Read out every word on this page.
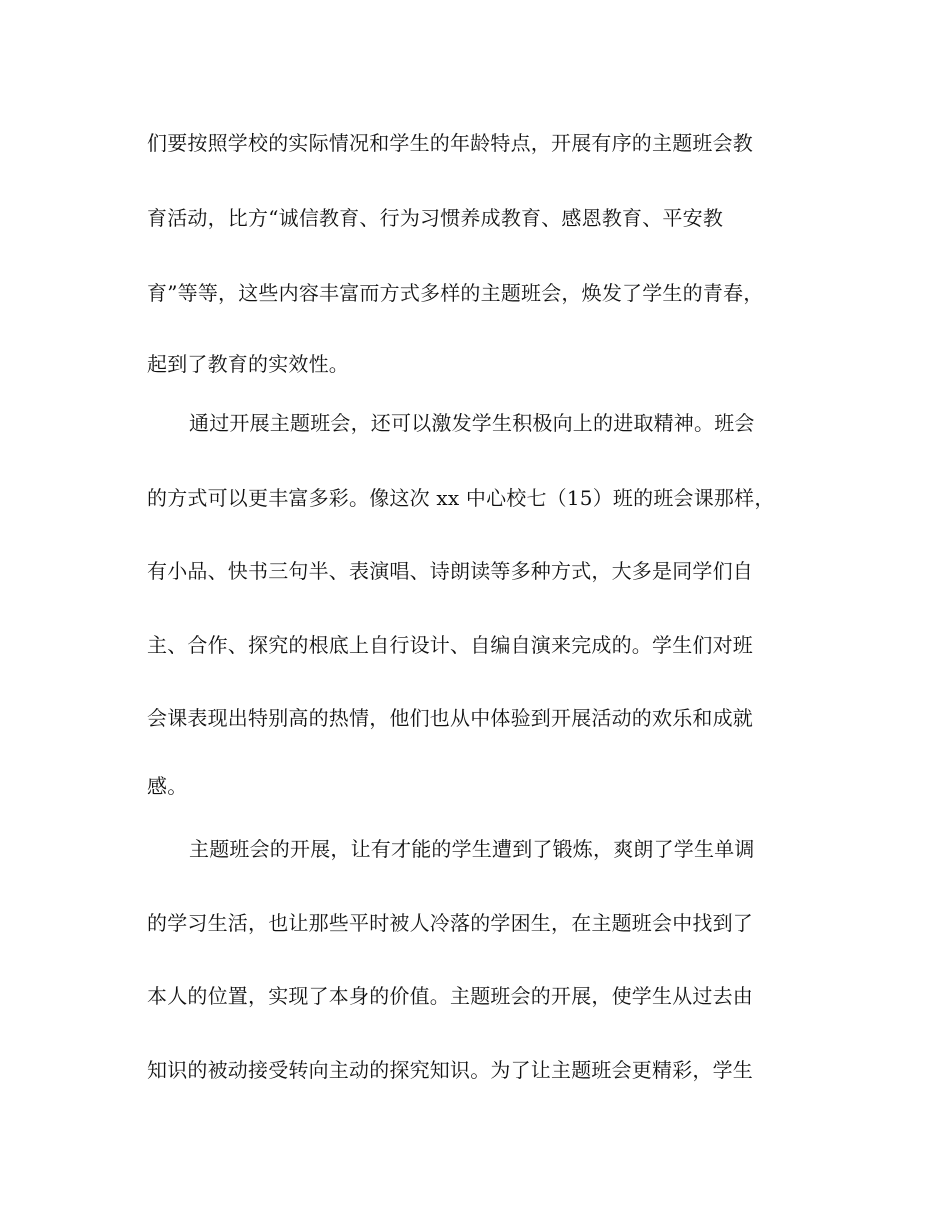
们要按照学校的实际情况和学生的年龄特点，开展有序的主题班会教
育活动，比方“诚信教育、行为习惯养成教育、感恩教育、平安教
育”等等，这些内容丰富而方式多样的主题班会，焕发了学生的青春，
起到了教育的实效性。
通过开展主题班会，还可以激发学生积极向上的进取精神。班会
的方式可以更丰富多彩。像这次 xx 中心校七（15）班的班会课那样，
有小品、快书三句半、表演唱、诗朗读等多种方式，大多是同学们自
主、合作、探究的根底上自行设计、自编自演来完成的。学生们对班
会课表现出特别高的热情，他们也从中体验到开展活动的欢乐和成就
感。
主题班会的开展，让有才能的学生遭到了锻炼，爽朗了学生单调
的学习生活，也让那些平时被人冷落的学困生，在主题班会中找到了
本人的位置，实现了本身的价值。主题班会的开展，使学生从过去由
知识的被动接受转向主动的探究知识。为了让主题班会更精彩，学生
